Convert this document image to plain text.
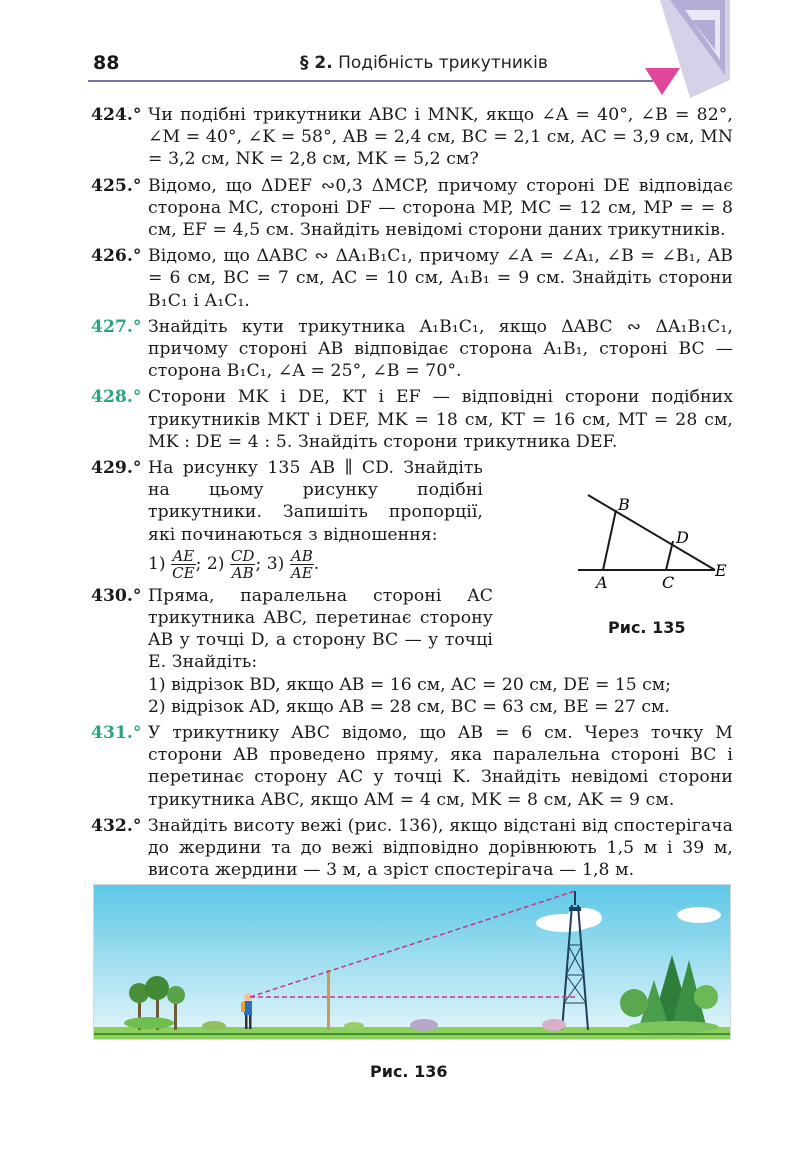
88	§ 2. Подібність трикутників
424.° Чи подібні трикутники ABC і MNK, якщо ∠A = 40°, ∠B = 82°, ∠M = 40°, ∠K = 58°, AB = 2,4 см, BC = 2,1 см, AC = 3,9 см, MN = 3,2 см, NK = 2,8 см, MK = 5,2 см?
425.° Відомо, що ΔDEF ∾0,3 ΔMCP, причому стороні DE відповідає сторона MC, стороні DF — сторона MP, MC = 12 см, MP = = 8 см, EF = 4,5 см. Знайдіть невідомі сторони даних трикутників.
426.° Відомо, що ΔABC ∾ ΔA₁B₁C₁, причому ∠A = ∠A₁, ∠B = ∠B₁, AB = 6 см, BC = 7 см, AC = 10 см, A₁B₁ = 9 см. Знайдіть сторони B₁C₁ і A₁C₁.
427.° Знайдіть кути трикутника A₁B₁C₁, якщо ΔABC ∾ ΔA₁B₁C₁, причому стороні AB відповідає сторона A₁B₁, стороні BC — сторона B₁C₁, ∠A = 25°, ∠B = 70°.
428.° Сторони MK і DE, KT і EF — відповідні сторони подібних трикутників MKT і DEF, MK = 18 см, KT = 16 см, MT = 28 см, MK : DE = 4 : 5. Знайдіть сторони трикутника DEF.
429.° На рисунку 135 AB ∥ CD. Знайдіть на цьому рисунку подібні трикутники. Запишіть пропорції, які починаються з відношення:
$1) \frac{AE}{CE}$ ; $2) \frac{CD}{AB}$ ; $3) \frac{AB}{AE}$ .
430.° Пряма, паралельна стороні AC трикутника ABC, перетинає сторону AB у точці D, а сторону BC — у точці E. Знайдіть:
1) відрізок BD, якщо AB = 16 см, AC = 20 см, DE = 15 см;
2) відрізок AD, якщо AB = 28 см, BC = 63 см, BE = 27 см.
431.° У трикутнику ABC відомо, що AB = 6 см. Через точку M сторони AB проведено пряму, яка паралельна стороні BC і перетинає сторону AC у точці K. Знайдіть невідомі сторони трикутника ABC, якщо AM = 4 см, MK = 8 см, AK = 9 см.
432.° Знайдіть висоту вежі (рис. 136), якщо відстані від спостерігача до жердини та до вежі відповідно дорівнюють 1,5 м і 39 м, висота жердини — 3 м, а зріст спостерігача — 1,8 м.
B
D
E
A	C
Рис. 135
Рис. 136
